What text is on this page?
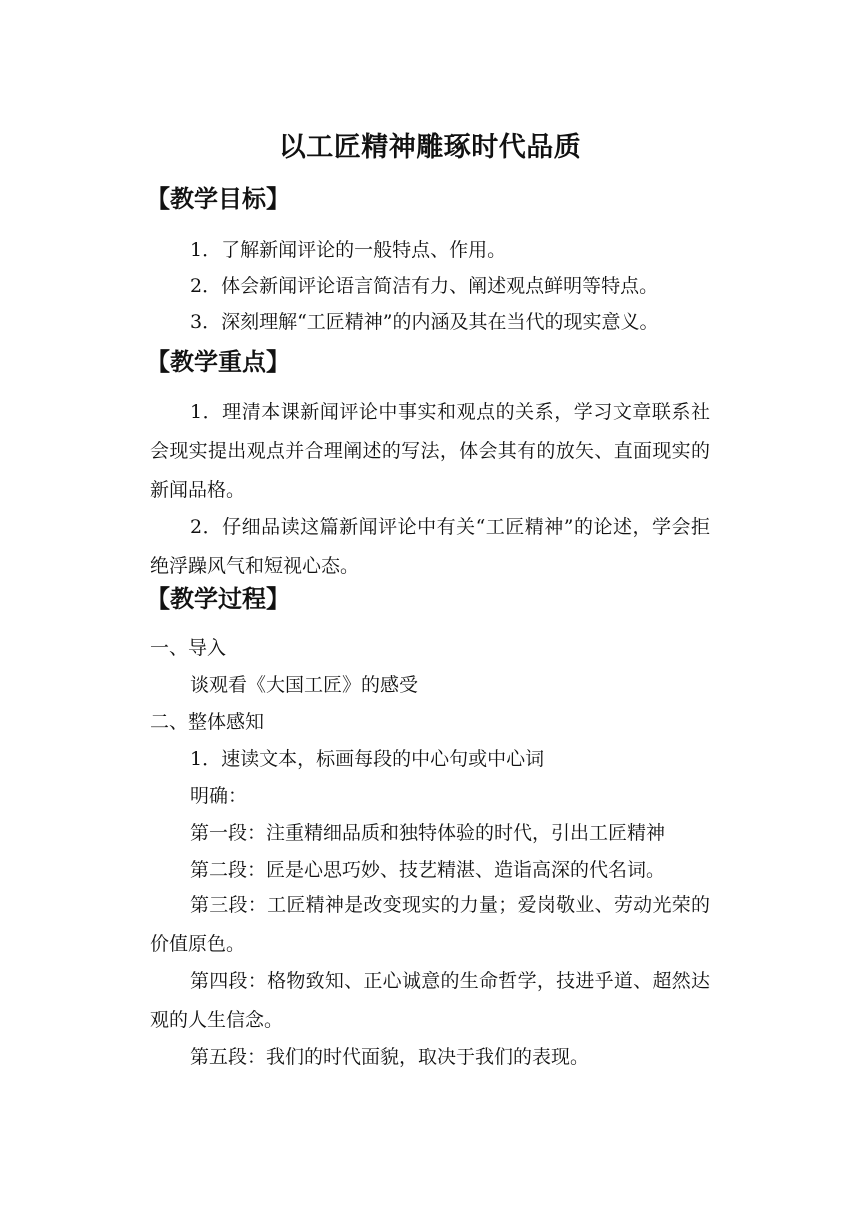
以工匠精神雕琢时代品质
【教学目标】
1．了解新闻评论的一般特点、作用。
2．体会新闻评论语言简洁有力、阐述观点鲜明等特点。
3．深刻理解“工匠精神”的内涵及其在当代的现实意义。
【教学重点】

1．理清本课新闻评论中事实和观点的关系，学习文章联系社会现实提出观点并合理阐述的写法，体会其有的放矢、直面现实的新闻品格。

2．仔细品读这篇新闻评论中有关“工匠精神”的论述，学会拒绝浮躁风气和短视心态。

【教学过程】
一、导入
谈观看《大国工匠》的感受
二、整体感知
1．速读文本，标画每段的中心句或中心词
明确：
第一段：注重精细品质和独特体验的时代，引出工匠精神
第二段：匠是心思巧妙、技艺精湛、造诣高深的代名词。

第三段：工匠精神是改变现实的力量；爱岗敬业、劳动光荣的价值原色。

第四段：格物致知、正心诚意的生命哲学，技进乎道、超然达观的人生信念。

第五段：我们的时代面貌，取决于我们的表现。
